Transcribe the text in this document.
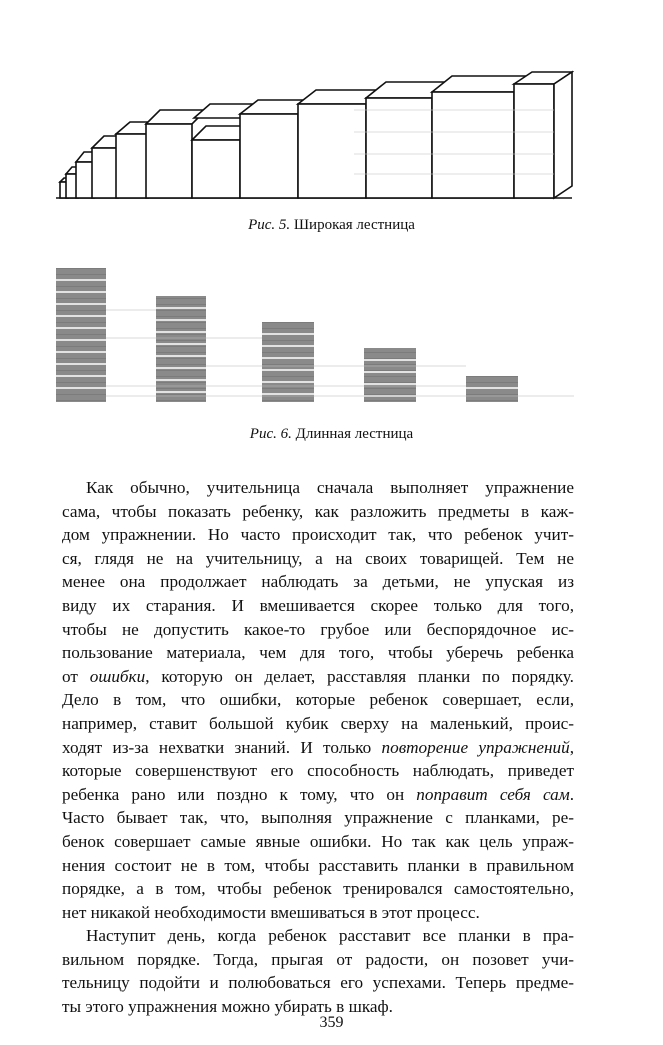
Рис. 5. Широкая лестница
Рис. 6. Длинная лестница
Как обычно, учительница сначала выполняет упражнение
сама, чтобы показать ребенку, как разложить предметы в каж-
дом упражнении. Но часто происходит так, что ребенок учит-
ся, глядя не на учительницу, а на своих товарищей. Тем не
менее она продолжает наблюдать за детьми, не упуская из
виду их старания. И вмешивается скорее только для того,
чтобы не допустить какое-то грубое или беспорядочное ис-
пользование материала, чем для того, чтобы уберечь ребенка
от ошибки, которую он делает, расставляя планки по порядку.
Дело в том, что ошибки, которые ребенок совершает, если,
например, ставит большой кубик сверху на маленький, проис-
ходят из-за нехватки знаний. И только повторение упражнений,
которые совершенствуют его способность наблюдать, приведет
ребенка рано или поздно к тому, что он поправит себя сам.
Часто бывает так, что, выполняя упражнение с планками, ре-
бенок совершает самые явные ошибки. Но так как цель упраж-
нения состоит не в том, чтобы расставить планки в правильном
порядке, а в том, чтобы ребенок тренировался самостоятельно,
нет никакой необходимости вмешиваться в этот процесс.
Наступит день, когда ребенок расставит все планки в пра-
вильном порядке. Тогда, прыгая от радости, он позовет учи-
тельницу подойти и полюбоваться его успехами. Теперь предме-
ты этого упражнения можно убирать в шкаф.
359
